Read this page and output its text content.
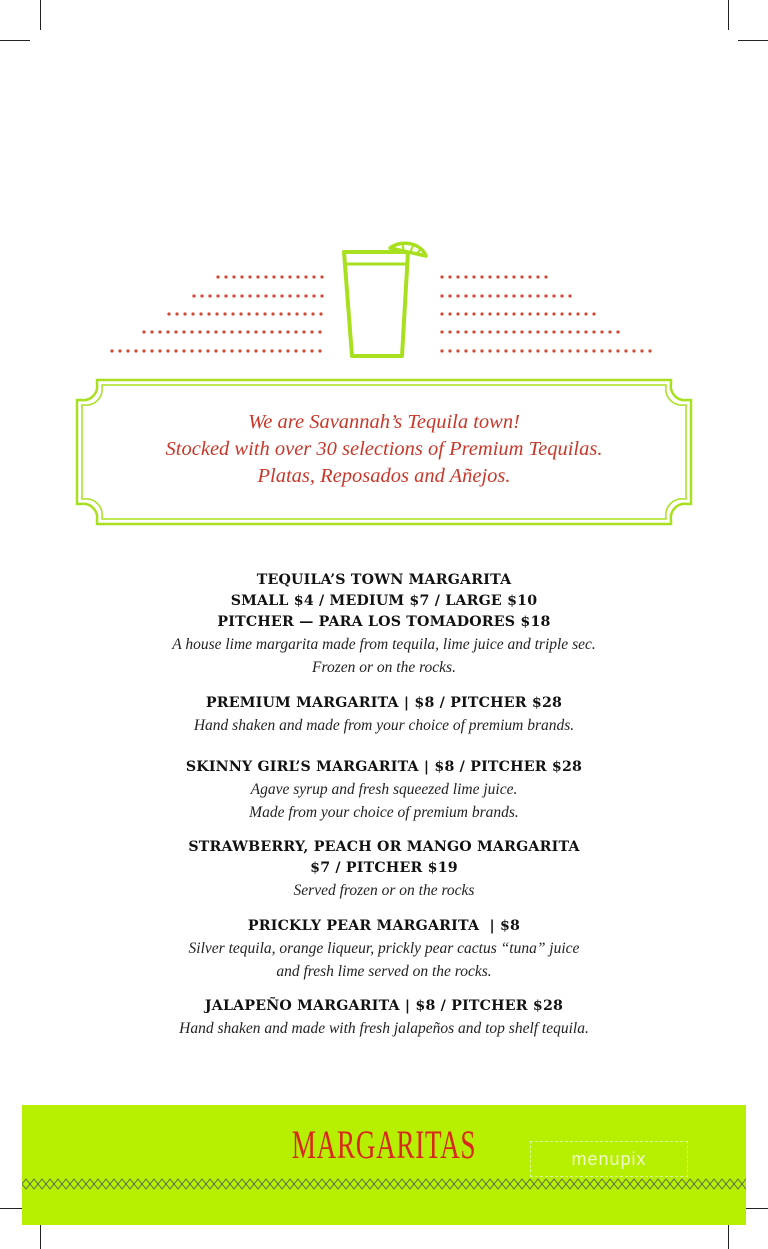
We are Savannah’s Tequila town!
Stocked with over 30 selections of Premium Tequilas.
Platas, Reposados and Añejos.
TEQUILA’S TOWN MARGARITA
SMALL $4 / MEDIUM $7 / LARGE $10
PITCHER — PARA LOS TOMADORES $18
A house lime margarita made from tequila, lime juice and triple sec.
Frozen or on the rocks.
PREMIUM MARGARITA | $8 / PITCHER $28
Hand shaken and made from your choice of premium brands.
SKINNY GIRL’S MARGARITA | $8 / PITCHER $28
Agave syrup and fresh squeezed lime juice.
Made from your choice of premium brands.
STRAWBERRY, PEACH OR MANGO MARGARITA
$7 / PITCHER $19
Served frozen or on the rocks
PRICKLY PEAR MARGARITA  | $8
Silver tequila, orange liqueur, prickly pear cactus “tuna” juice
and fresh lime served on the rocks.
JALAPEÑO MARGARITA | $8 / PITCHER $28
Hand shaken and made with fresh jalapeños and top shelf tequila.
MARGARITAS	menupix
